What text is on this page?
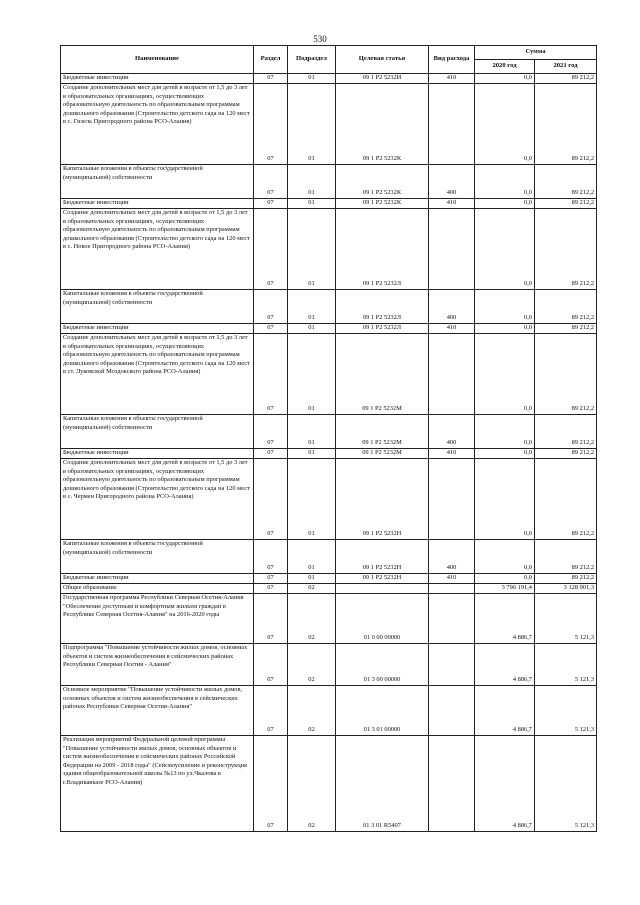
530
Наименование	Раздел	Подраздел	Целевая статья	Вид расхода	Сумма	
					2020 год	2021 год
Бюджетные инвестиции	07	01	09 1 P2 5232И	410	0,0	89 212,2
Создание дополнительных мест для детей в возрасте от 1,5 до 3 лет в образовательных организациях, осуществляющих образовательную деятельность по образовательным программам дошкольного образования (Строительство детского сада на 120 мест в с. Гизель Пригородного района РСО-Алания)	07	01	09 1 P2 5232К		0,0	89 212,2
Капитальные вложения в объекты государственной (муниципальной) собственности	07	01	09 1 P2 5232К	400	0,0	89 212,2
Бюджетные инвестиции	07	01	09 1 P2 5232К	410	0,0	89 212,2
Создание дополнительных мест для детей в возрасте от 1,5 до 3 лет в образовательных организациях, осуществляющих образовательную деятельность по образовательным программам дошкольного образования (Строительство детского сада на 120 мест в с. Новое Пригородного района РСО-Алания)	07	01	09 1 P2 5232Л		0,0	89 212,2
Капитальные вложения в объекты государственной (муниципальной) собственности	07	01	09 1 P2 5232Л	400	0,0	89 212,2
Бюджетные инвестиции	07	01	09 1 P2 5232Л	410	0,0	89 212,2
Создание дополнительных мест для детей в возрасте от 1,5 до 3 лет в образовательных организациях, осуществляющих образовательную деятельность по образовательным программам дошкольного образования (Строительство детского сада на 120 мест в ст. Луковской Моздокского района РСО-Алания)	07	01	09 1 P2 5232М		0,0	89 212,2
Капитальные вложения в объекты государственной (муниципальной) собственности	07	01	09 1 P2 5232М	400	0,0	89 212,2
Бюджетные инвестиции	07	01	09 1 P2 5232М	410	0,0	89 212,2
Создание дополнительных мест для детей в возрасте от 1,5 до 3 лет в образовательных организациях, осуществляющих образовательную деятельность по образовательным программам дошкольного образования (Строительство детского сада на 120 мест в с. Чермен Пригородного района РСО-Алания)	07	01	09 1 P2 5232Н		0,0	89 212,2
Капитальные вложения в объекты государственной (муниципальной) собственности	07	01	09 1 P2 5232Н	400	0,0	89 212,2
Бюджетные инвестиции	07	01	09 1 P2 5232Н	410	0,0	89 212,2
Общее образование	07	02			3 796 191,4	3 128 901,3
Государственная программа Республики Северная Осетия-Алания "Обеспечение доступным и комфортным жильем граждан в Республике Северная Осетия-Алания" на 2016-2020 годы	07	02	01 0 00 00000		4 886,7	5 121,3
Подпрограмма "Повышение устойчивости жилых домов, основных объектов и систем жизнеобеспечения в сейсмических районах Республики Северная Осетия - Алания"	07	02	01 3 00 00000		4 886,7	5 121,3
Основное мероприятие "Повышение устойчивости жилых домов, основных объектов и систем жизнеобеспечения в сейсмических районах Республики Северная Осетия-Алания"	07	02	01 3 01 00000		4 886,7	5 121,3
Реализация мероприятий Федеральной целевой программы "Повышение устойчивости жилых домов, основных объектов и систем жизнеобеспечения в сейсмических районах Российской Федерации на 2009 - 2018 годы" (Сейсмоусиление и реконструкция здания общеобразовательной школы №13 по ул.Чкалова в г.Владикавказе РСО-Алания)	07	02	01 3 01 R5407		4 886,7	5 121,3
